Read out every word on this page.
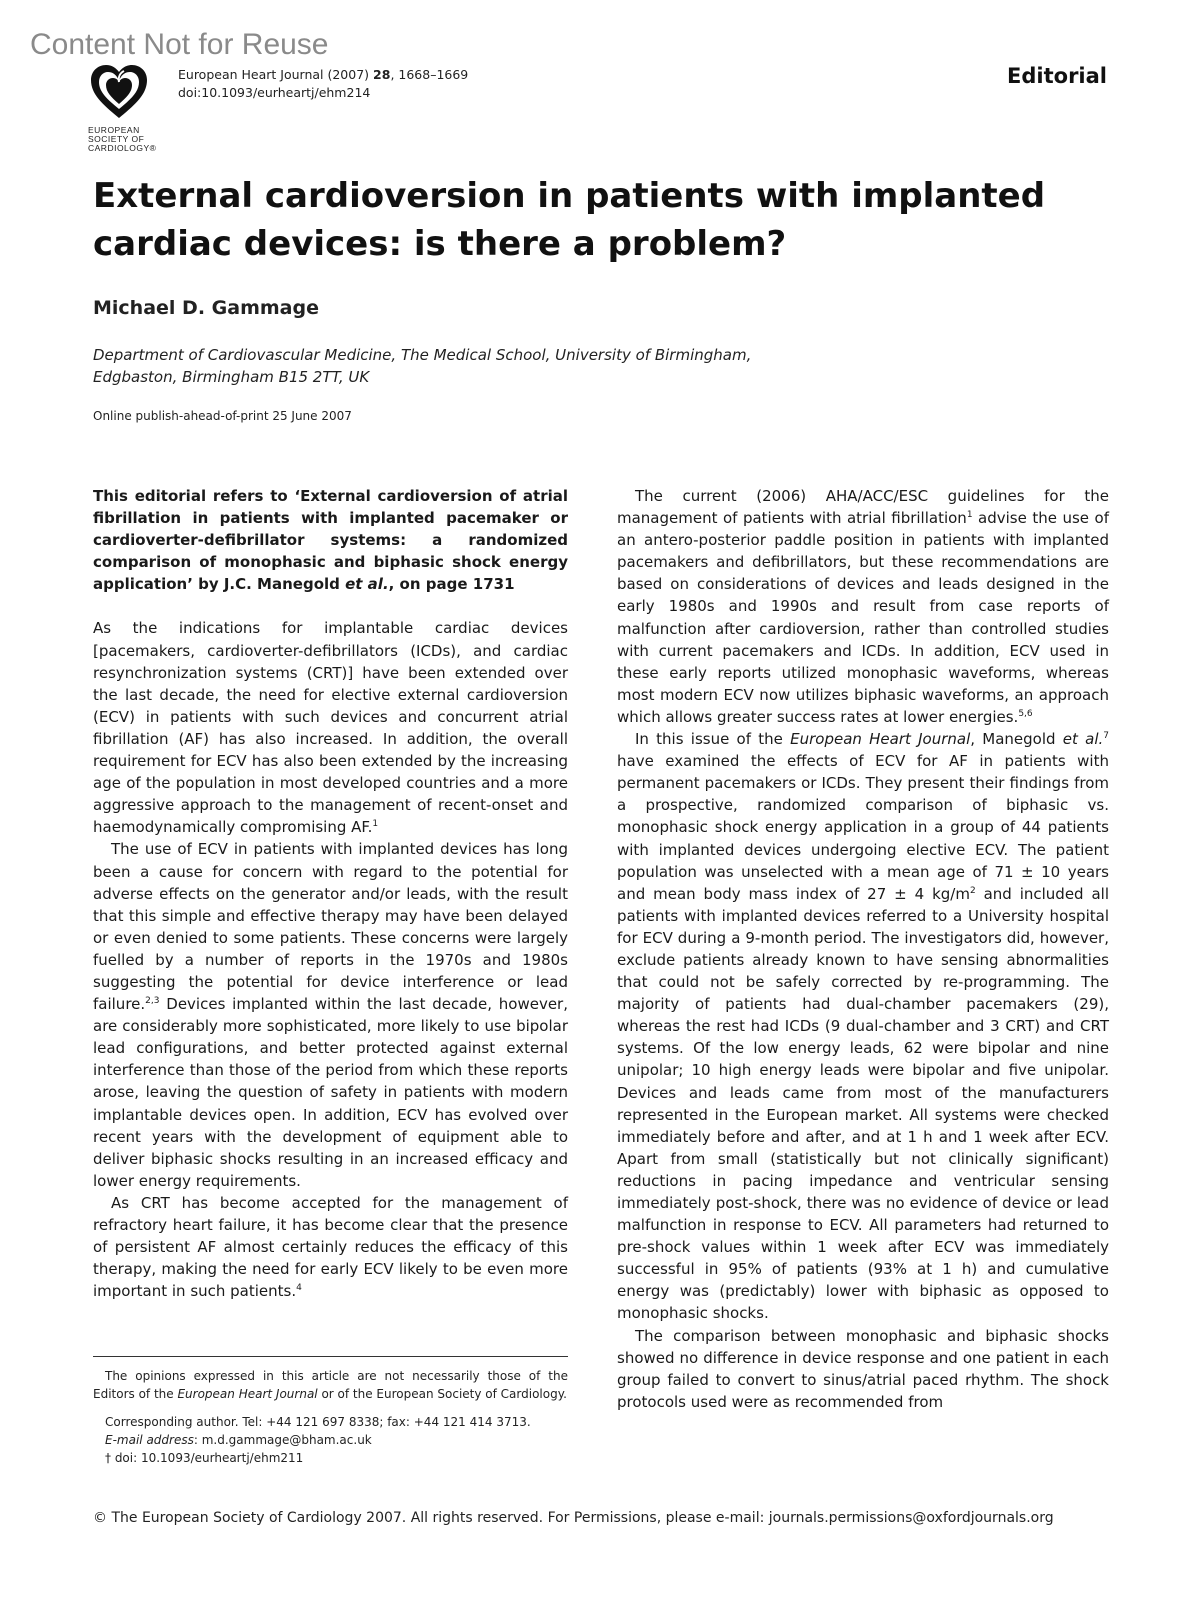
Content Not for Reuse
EUROPEAN
SOCIETY OF
CARDIOLOGY®
European Heart Journal (2007) 28, 1668–1669
doi:10.1093/eurheartj/ehm214
Editorial
External cardioversion in patients with implanted
cardiac devices: is there a problem?
Michael D. Gammage
Department of Cardiovascular Medicine, The Medical School, University of Birmingham,
Edgbaston, Birmingham B15 2TT, UK
Online publish-ahead-of-print 25 June 2007

This editorial refers to ‘External cardioversion of atrial fibrillation in patients with implanted pacemaker or cardioverter-defibrillator systems: a randomized comparison of monophasic and biphasic shock energy application’ by J.C. Manegold et al., on page 1731

As the indications for implantable cardiac devices [pacemakers, cardioverter-defibrillators (ICDs), and cardiac resynchronization systems (CRT)] have been extended over the last decade, the need for elective external cardioversion (ECV) in patients with such devices and concurrent atrial fibrillation (AF) has also increased. In addition, the overall requirement for ECV has also been extended by the increasing age of the population in most developed countries and a more aggressive approach to the management of recent-onset and haemodynamically compromising AF.$^1$

The use of ECV in patients with implanted devices has long been a cause for concern with regard to the potential for adverse effects on the generator and/or leads, with the result that this simple and effective therapy may have been delayed or even denied to some patients. These concerns were largely fuelled by a number of reports in the 1970s and 1980s suggesting the potential for device interference or lead failure.$^{2,3}$ Devices implanted within the last decade, however, are considerably more sophisticated, more likely to use bipolar lead configurations, and better protected against external interference than those of the period from which these reports arose, leaving the question of safety in patients with modern implantable devices open. In addition, ECV has evolved over recent years with the development of equipment able to deliver biphasic shocks resulting in an increased efficacy and lower energy requirements.

As CRT has become accepted for the management of refractory heart failure, it has become clear that the presence of persistent AF almost certainly reduces the efficacy of this therapy, making the need for early ECV likely to be even more important in such patients.$^4$

The opinions expressed in this article are not necessarily those of the Editors of the European Heart Journal or of the European Society of Cardiology.

Corresponding author. Tel: +44 121 697 8338; fax: +44 121 414 3713.

E-mail address: m.d.gammage@bham.ac.uk

† doi: 10.1093/eurheartj/ehm211

The current (2006) AHA/ACC/ESC guidelines for the management of patients with atrial fibrillation$^1$ advise the use of an antero-posterior paddle position in patients with implanted pacemakers and defibrillators, but these recommendations are based on considerations of devices and leads designed in the early 1980s and 1990s and result from case reports of malfunction after cardioversion, rather than controlled studies with current pacemakers and ICDs. In addition, ECV used in these early reports utilized monophasic waveforms, whereas most modern ECV now utilizes biphasic waveforms, an approach which allows greater success rates at lower energies.$^{5,6}$

In this issue of the European Heart Journal, Manegold et al.$^7$ have examined the effects of ECV for AF in patients with permanent pacemakers or ICDs. They present their findings from a prospective, randomized comparison of biphasic vs. monophasic shock energy application in a group of 44 patients with implanted devices undergoing elective ECV. The patient population was unselected with a mean age of 71 ± 10 years and mean body mass index of 27 ± 4 $kg/m^2$ and included all patients with implanted devices referred to a University hospital for ECV during a 9-month period. The investigators did, however, exclude patients already known to have sensing abnormalities that could not be safely corrected by re-programming. The majority of patients had dual-chamber pacemakers (29), whereas the rest had ICDs (9 dual-chamber and 3 CRT) and CRT systems. Of the low energy leads, 62 were bipolar and nine unipolar; 10 high energy leads were bipolar and five unipolar. Devices and leads came from most of the manufacturers represented in the European market. All systems were checked immediately before and after, and at 1 h and 1 week after ECV. Apart from small (statistically but not clinically significant) reductions in pacing impedance and ventricular sensing immediately post-shock, there was no evidence of device or lead malfunction in response to ECV. All parameters had returned to pre-shock values within 1 week after ECV was immediately successful in 95% of patients (93% at 1 h) and cumulative energy was (predictably) lower with biphasic as opposed to monophasic shocks.

The comparison between monophasic and biphasic shocks showed no difference in device response and one patient in each group failed to convert to sinus/atrial paced rhythm. The shock protocols used were as recommended from

© The European Society of Cardiology 2007. All rights reserved. For Permissions, please e-mail: journals.permissions@oxfordjournals.org
